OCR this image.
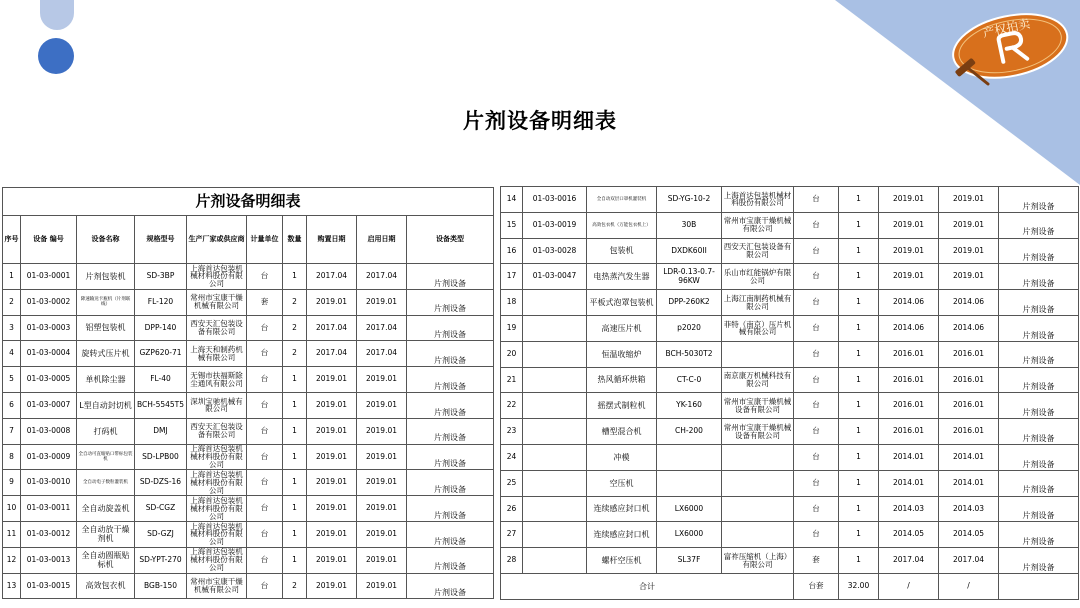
产权拍卖
片剂设备明细表
片剂设备明细表									
序号	设备 编号	设备名称	规格型号	生产厂家或供应商	计量单位	数量	购置日期	启用日期	设备类型
1	01-03-0001	片剂包装机	SD-3BP	上海首达包装机械材料股份有限公司	台	1	2017.04	2017.04	片剂设备
2	01-03-0002	降速输送卡瓶机（片剂联线）	FL-120	常州市宝康干燥机械有限公司	套	2	2019.01	2019.01	片剂设备
3	01-03-0003	铝塑包装机	DPP-140	西安天汇包装设备有限公司	台	2	2017.04	2017.04	片剂设备
4	01-03-0004	旋转式压片机	GZP620-71	上海天和制药机械有限公司	台	2	2017.04	2017.04	片剂设备
5	01-03-0005	单机除尘器	FL-40	无锡市扶福斯除尘通风有限公司	台	1	2019.01	2019.01	片剂设备
6	01-03-0007	L型自动封切机	BCH-5545T5	深圳宝驰机械有限公司	台	1	2019.01	2019.01	片剂设备
7	01-03-0008	打码机	DMJ	西安天汇包装设备有限公司	台	1	2019.01	2019.01	片剂设备
8	01-03-0009	全自动可直缩贴口带标包装机	SD-LPB00	上海首达包装机械材料股份有限公司	台	1	2019.01	2019.01	片剂设备
9	01-03-0010	全自动电子数粒灌装机	SD-DZS-16	上海首达包装机械材料股份有限公司	台	1	2019.01	2019.01	片剂设备
10	01-03-0011	全自动旋盖机	SD-CGZ	上海首达包装机械材料股份有限公司	台	1	2019.01	2019.01	片剂设备
11	01-03-0012	全自动放干燥剂机	SD-GZJ	上海首达包装机械材料股份有限公司	台	1	2019.01	2019.01	片剂设备
12	01-03-0013	全自动圆瓶贴标机	SD-YPT-270	上海首达包装机械材料股份有限公司	台	1	2019.01	2019.01	片剂设备
13	01-03-0015	高效包衣机	BGB-150	常州市宝康干燥机械有限公司	台	2	2019.01	2019.01	片剂设备
14	01-03-0016	全自动双层口罩机灌装机	SD-YG-10-2	上海首达包装机械材料股份有限公司	台	1	2019.01	2019.01	片剂设备
15	01-03-0019	高效包衣机（万能包衣机上）	30B	常州市宝康干燥机械有限公司	台	1	2019.01	2019.01	片剂设备
16	01-03-0028	包装机	DXDK60II	西安天汇包装设备有限公司	台	1	2019.01	2019.01	片剂设备
17	01-03-0047	电热蒸汽发生器	LDR-0.13-0.7-96KW	乐山市红能锅炉有限公司	台	1	2019.01	2019.01	片剂设备
18		平板式泡罩包装机	DPP-260K2	上海江南制药机械有限公司	台	1	2014.06	2014.06	片剂设备
19		高速压片机	p2020	菲特（南京）压片机械有限公司	台	1	2014.06	2014.06	片剂设备
20		恒温收缩炉	BCH-5030T2		台	1	2016.01	2016.01	片剂设备
21		热风循环烘箱	CT-C-0	南京康万机械科技有限公司	台	1	2016.01	2016.01	片剂设备
22		摇摆式制粒机	YK-160	常州市宝康干燥机械设备有限公司	台	1	2016.01	2016.01	片剂设备
23		槽型混合机	CH-200	常州市宝康干燥机械设备有限公司	台	1	2016.01	2016.01	片剂设备
24		冲模			台	1	2014.01	2014.01	片剂设备
25		空压机			台	1	2014.01	2014.01	片剂设备
26		连续感应封口机	LX6000		台	1	2014.03	2014.03	片剂设备
27		连续感应封口机	LX6000		台	1	2014.05	2014.05	片剂设备
28		螺杆空压机	SL37F	富祚压缩机（上海）有限公司	套	1	2017.04	2017.04	片剂设备
合计					台套	32.00	/	/	
